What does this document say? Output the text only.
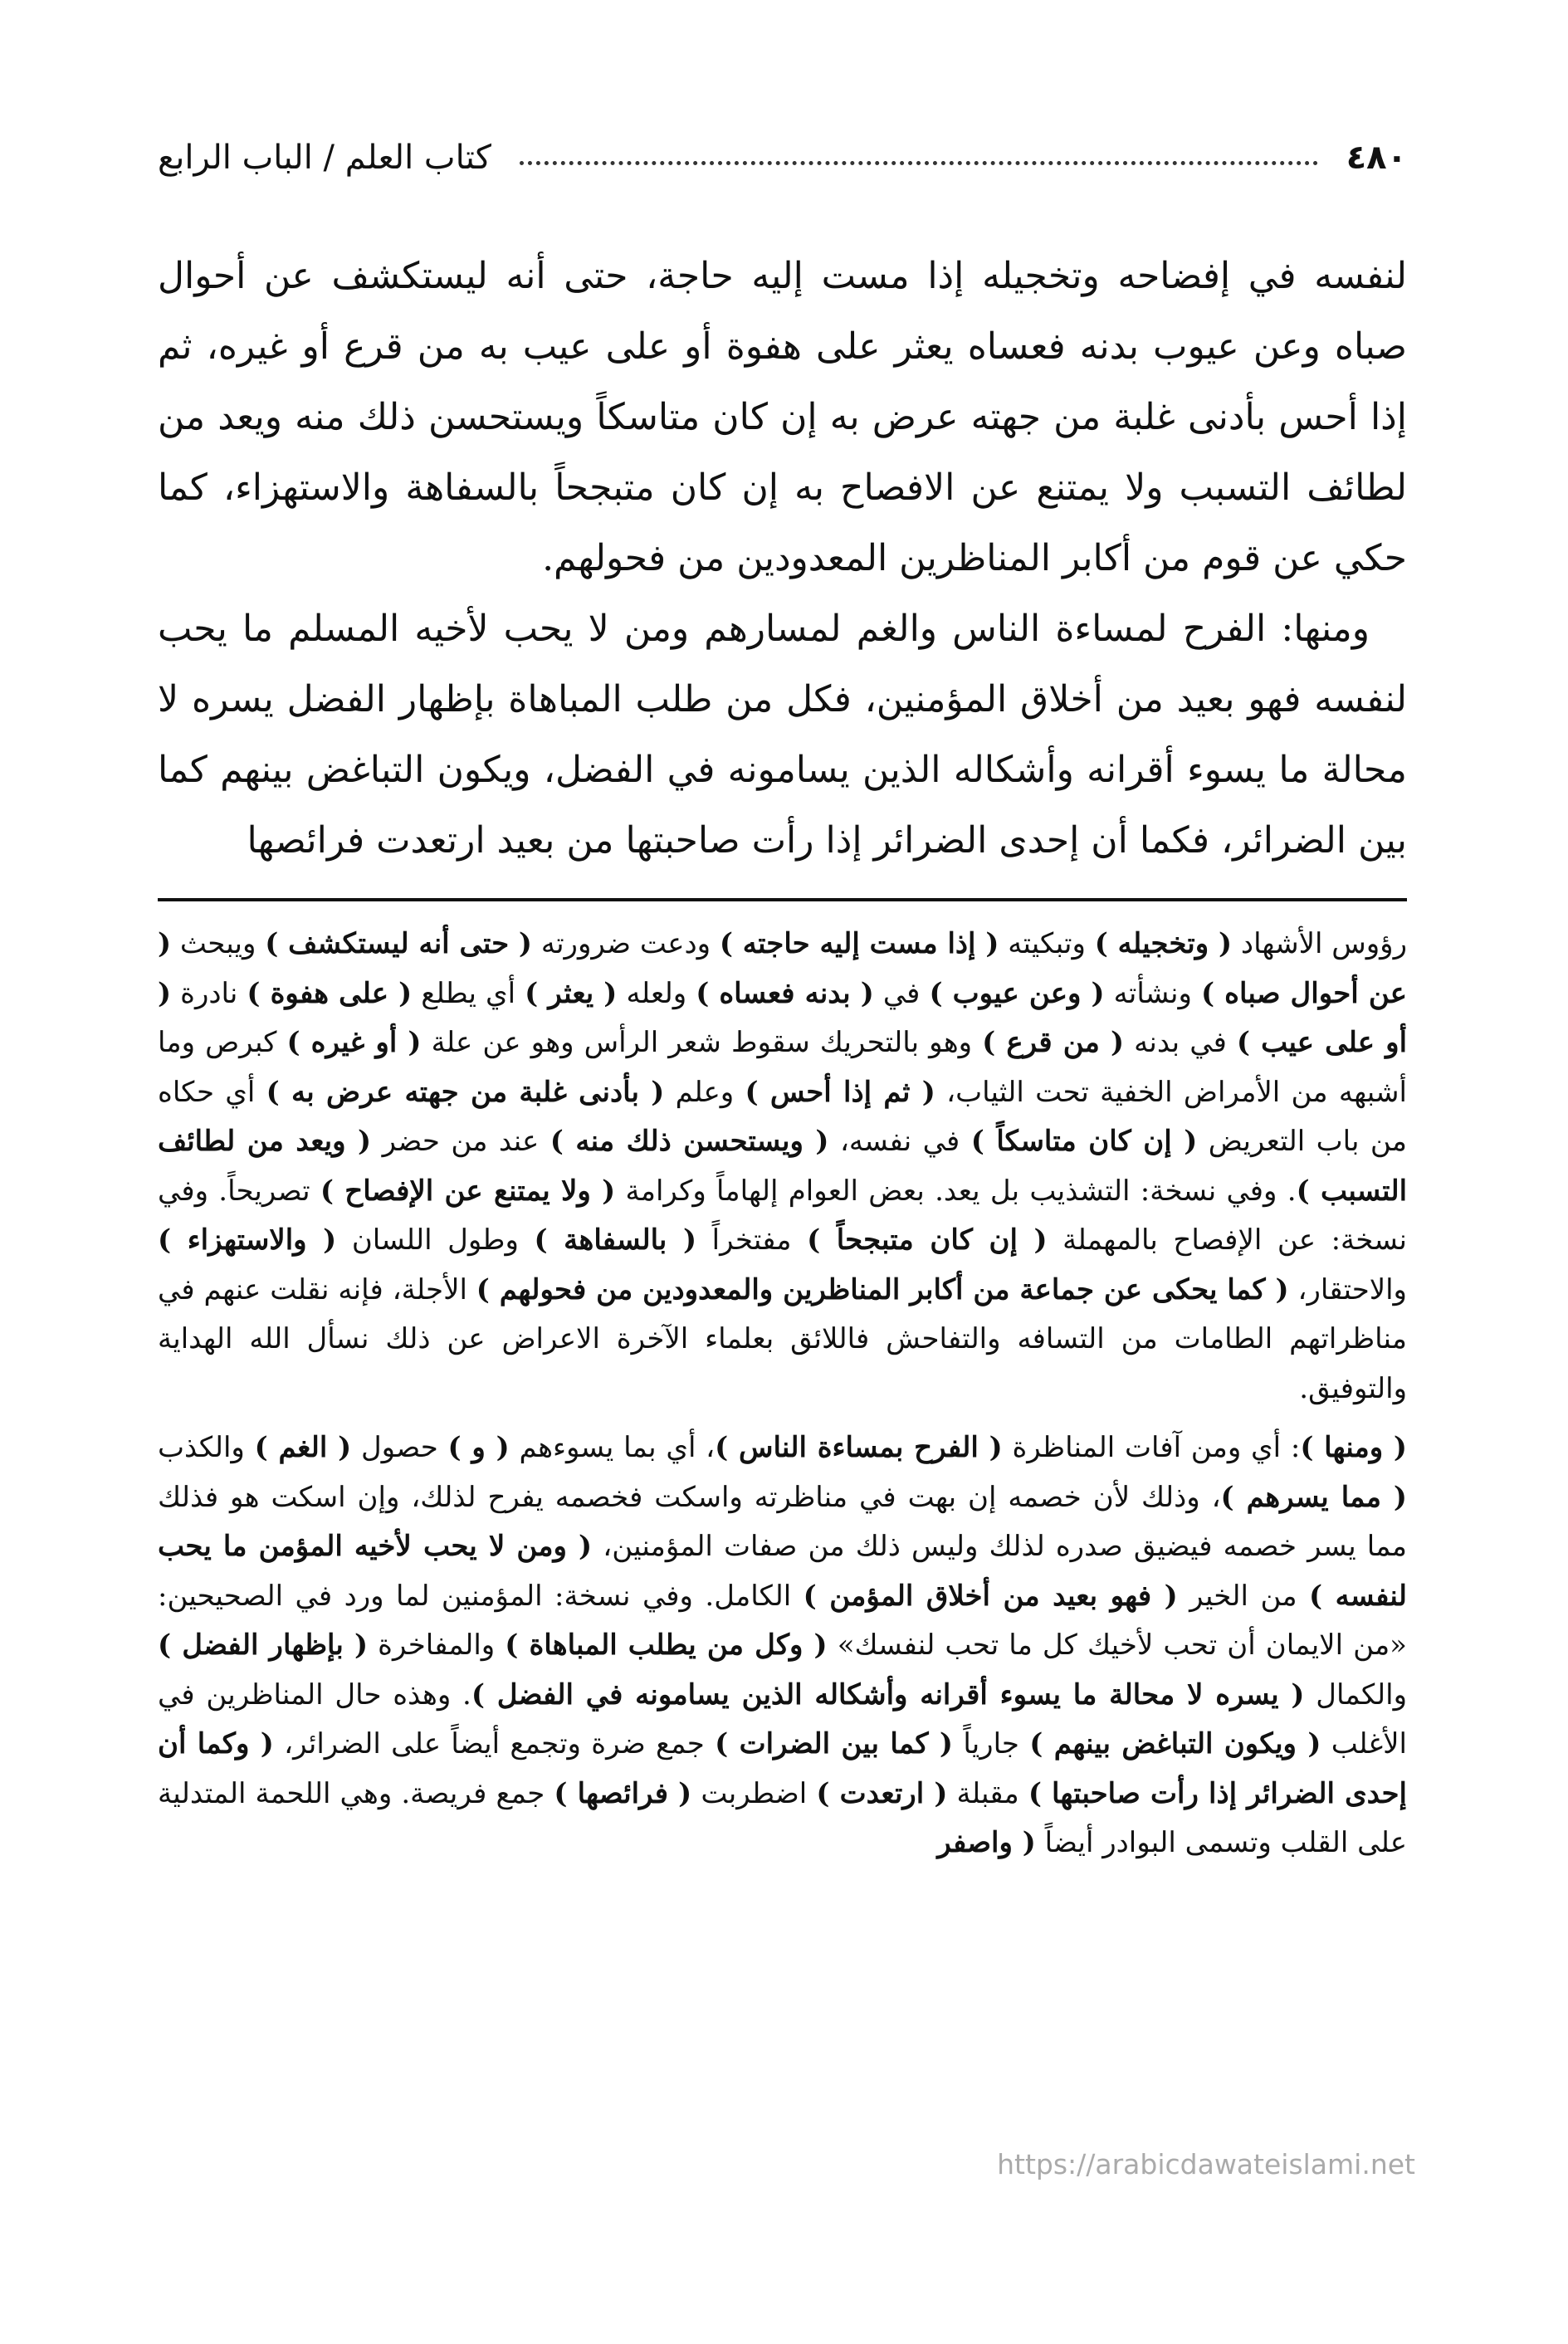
٤٨٠
كتاب العلم / الباب الرابع

لنفسه في إفضاحه وتخجيله إذا مست إليه حاجة، حتى أنه ليستكشف عن أحوال صباه وعن عيوب بدنه فعساه يعثر على هفوة أو على عيب به من قرع أو غيره، ثم إذا أحس بأدنى غلبة من جهته عرض به إن كان متاسكاً ويستحسن ذلك منه ويعد من لطائف التسبب ولا يمتنع عن الافصاح به إن كان متبجحاً بالسفاهة والاستهزاء، كما حكي عن قوم من أكابر المناظرين المعدودين من فحولهم.

ومنها: الفرح لمساءة الناس والغم لمسارهم ومن لا يحب لأخيه المسلم ما يحب لنفسه فهو بعيد من أخلاق المؤمنين، فكل من طلب المباهاة بإظهار الفضل يسره لا محالة ما يسوء أقرانه وأشكاله الذين يسامونه في الفضل، ويكون التباغض بينهم كما بين الضرائر، فكما أن إحدى الضرائر إذا رأت صاحبتها من بعيد ارتعدت فرائصها

رؤوس الأشهاد ( وتخجيله ) وتبكيته ( إذا مست إليه حاجته ) ودعت ضرورته ( حتى أنه ليستكشف ) ويبحث ( عن أحوال صباه ) ونشأته ( وعن عيوب ) في ( بدنه فعساه ) ولعله ( يعثر ) أي يطلع ( على هفوة ) نادرة ( أو على عيب ) في بدنه ( من قرع ) وهو بالتحريك سقوط شعر الرأس وهو عن علة ( أو غيره ) كبرص وما أشبهه من الأمراض الخفية تحت الثياب، ( ثم إذا أحس ) وعلم ( بأدنى غلبة من جهته عرض به ) أي حكاه من باب التعريض ( إن كان متاسكاً ) في نفسه، ( ويستحسن ذلك منه ) عند من حضر ( ويعد من لطائف التسبب ). وفي نسخة: التشذيب بل يعد. بعض العوام إلهاماً وكرامة ( ولا يمتنع عن الإفصاح ) تصريحاً. وفي نسخة: عن الإفصاح بالمهملة ( إن كان متبجحاً ) مفتخراً ( بالسفاهة ) وطول اللسان ( والاستهزاء ) والاحتقار، ( كما يحكى عن جماعة من أكابر المناظرين والمعدودين من فحولهم ) الأجلة، فإنه نقلت عنهم في مناظراتهم الطامات من التسافه والتفاحش فاللائق بعلماء الآخرة الاعراض عن ذلك نسأل الله الهداية والتوفيق.

( ومنها ): أي ومن آفات المناظرة ( الفرح بمساءة الناس )، أي بما يسوءهم ( و ) حصول ( الغم ) والكذب ( مما يسرهم )، وذلك لأن خصمه إن بهت في مناظرته واسكت فخصمه يفرح لذلك، وإن اسكت هو فذلك مما يسر خصمه فيضيق صدره لذلك وليس ذلك من صفات المؤمنين، ( ومن لا يحب لأخيه المؤمن ما يحب لنفسه ) من الخير ( فهو بعيد من أخلاق المؤمن ) الكامل. وفي نسخة: المؤمنين لما ورد في الصحيحين: «من الايمان أن تحب لأخيك كل ما تحب لنفسك» ( وكل من يطلب المباهاة ) والمفاخرة ( بإظهار الفضل ) والكمال ( يسره لا محالة ما يسوء أقرانه وأشكاله الذين يسامونه في الفضل ). وهذه حال المناظرين في الأغلب ( ويكون التباغض بينهم ) جارياً ( كما بين الضرات ) جمع ضرة وتجمع أيضاً على الضرائر، ( وكما أن إحدى الضرائر إذا رأت صاحبتها ) مقبلة ( ارتعدت ) اضطربت ( فرائصها ) جمع فريصة. وهي اللحمة المتدلية على القلب وتسمى البوادر أيضاً ( واصفر

https://arabicdawateislami.net
